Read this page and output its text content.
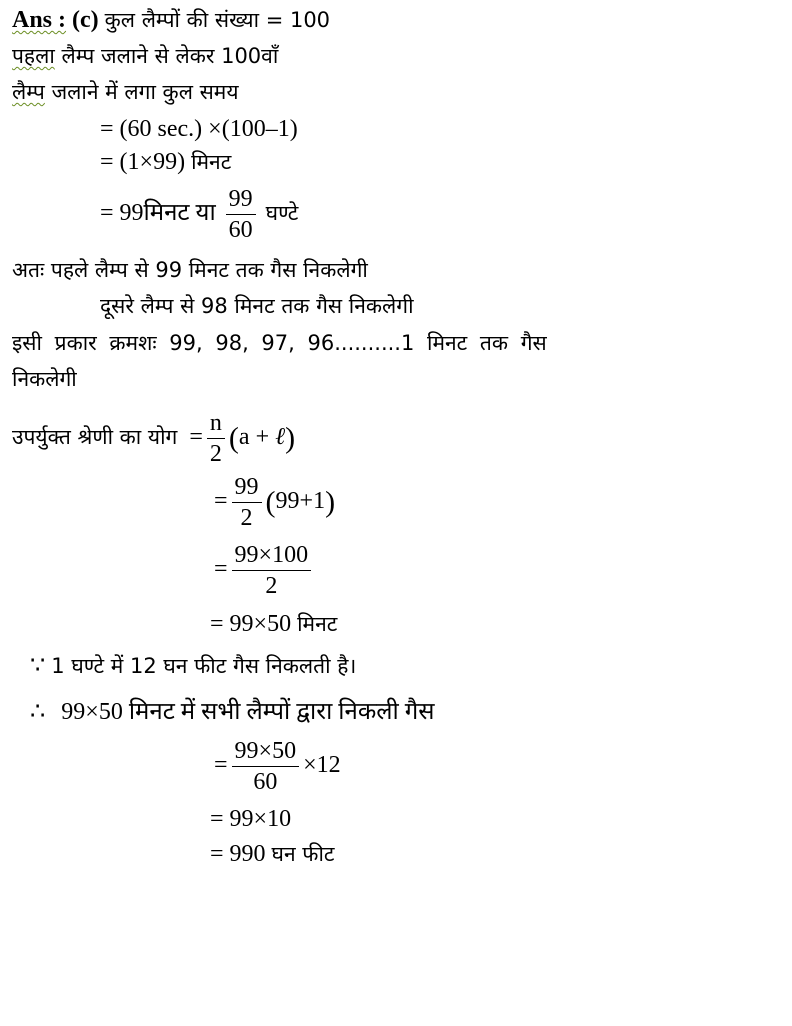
Ans : (c) कुल लैम्पों की संख्या = 100
पहला लैम्प जलाने से लेकर 100वाँ
लैम्प जलाने में लगा कुल समय
= (60 sec.) ×(100–1)
= (1×99) मिनट
= 99मिनट या $\frac{99}{60}$ घण्टे
अतः पहले लैम्प से 99 मिनट तक गैस निकलेगी
दूसरे लैम्प से 98 मिनट तक गैस निकलेगी
इसी प्रकार क्रमशः 99, 98, 97, 96..........1 मिनट तक गैस
निकलेगी
उपर्युक्त श्रेणी का योग  = $\frac{n}{2} (a$ + ℓ)
= $\frac{99}{2} (99+1)$
= $\frac{99\times 100}{2}$
= 99×50 मिनट
∵ 1 घण्टे में 12 घन फीट गैस निकलती है।
∴ 99×50 मिनट में सभी लैम्पों द्वारा निकली गैस
= $\frac{99\times 50}{60} \times 12$
= 99×10
= 990 घन फीट
